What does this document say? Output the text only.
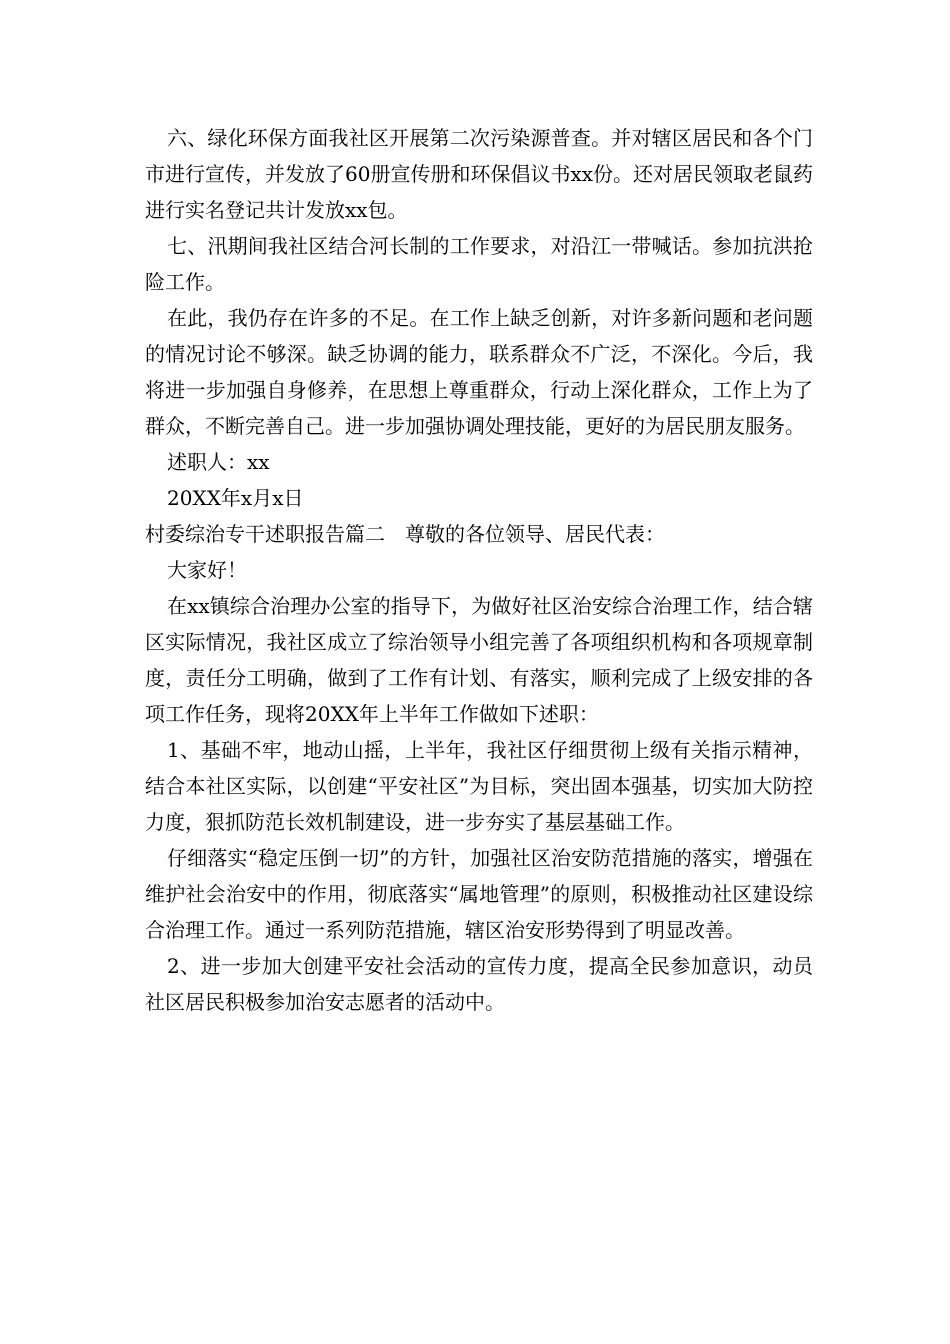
六、绿化环保方面我社区开展第二次污染源普查。并对辖区居民和各个门市进行宣传，并发放了60册宣传册和环保倡议书xx份。还对居民领取老鼠药进行实名登记共计发放xx包。

七、汛期间我社区结合河长制的工作要求，对沿江一带喊话。参加抗洪抢险工作。

在此，我仍存在许多的不足。在工作上缺乏创新，对许多新问题和老问题的情况讨论不够深。缺乏协调的能力，联系群众不广泛，不深化。今后，我将进一步加强自身修养，在思想上尊重群众，行动上深化群众，工作上为了群众，不断完善自己。进一步加强协调处理技能，更好的为居民朋友服务。

述职人：xx

20XX年x月x日

村委综治专干述职报告篇二　尊敬的各位领导、居民代表：

大家好！

在xx镇综合治理办公室的指导下，为做好社区治安综合治理工作，结合辖区实际情况，我社区成立了综治领导小组完善了各项组织机构和各项规章制度，责任分工明确，做到了工作有计划、有落实，顺利完成了上级安排的各项工作任务，现将20XX年上半年工作做如下述职：

1、基础不牢，地动山摇，上半年，我社区仔细贯彻上级有关指示精神，结合本社区实际，以创建“平安社区”为目标，突出固本强基，切实加大防控力度，狠抓防范长效机制建设，进一步夯实了基层基础工作。

仔细落实“稳定压倒一切”的方针，加强社区治安防范措施的落实，增强在维护社会治安中的作用，彻底落实“属地管理”的原则，积极推动社区建设综合治理工作。通过一系列防范措施，辖区治安形势得到了明显改善。

2、进一步加大创建平安社会活动的宣传力度，提高全民参加意识，动员社区居民积极参加治安志愿者的活动中。
